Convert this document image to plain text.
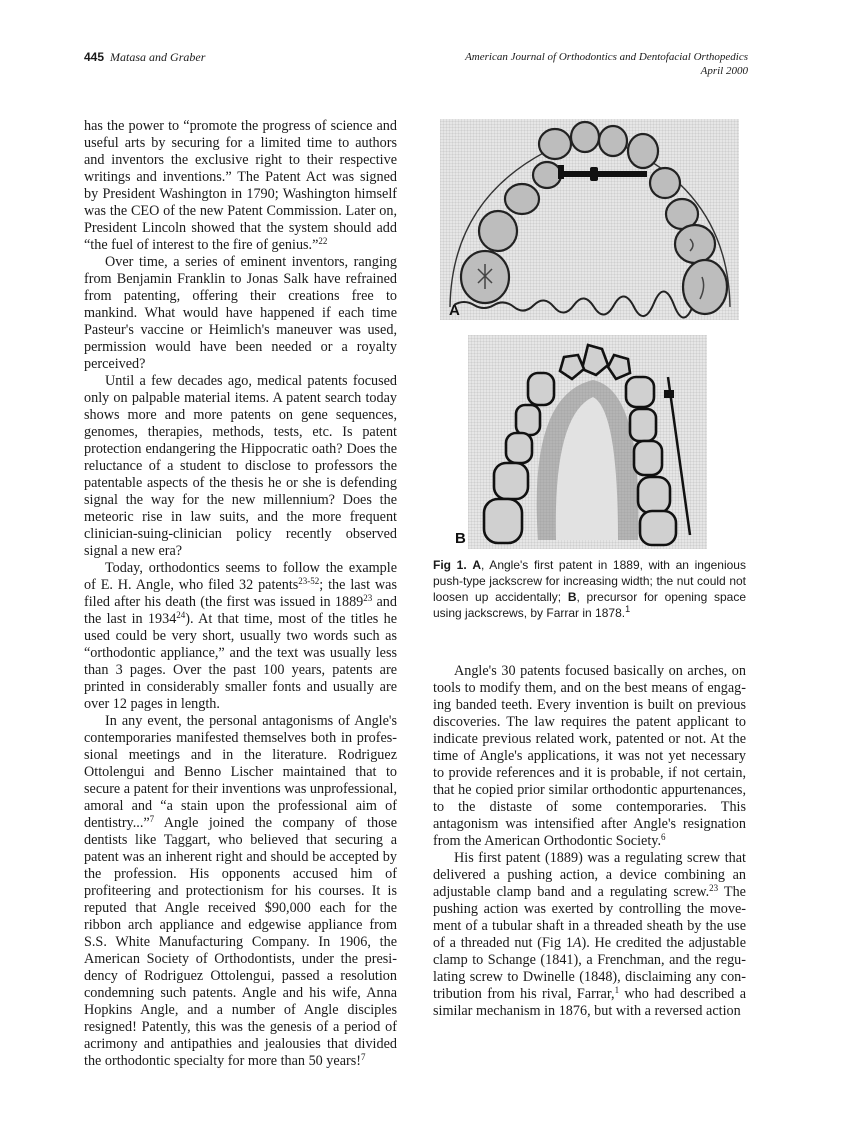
445 Matasa and Graber	American Journal of Orthodontics and Dentofacial Orthopedics
April 2000

has the power to “promote the progress of science and useful arts by securing for a limited time to authors and inventors the exclusive right to their respective writings and inventions.” The Patent Act was signed by President Washington in 1790; Washington himself was the CEO of the new Patent Commission. Later on, President Lincoln showed that the system should add “the fuel of interest to the fire of genius.”$^{22}$

Over time, a series of eminent inventors, ranging from Benjamin Franklin to Jonas Salk have refrained from patenting, offering their creations free to mankind. What would have happened if each time Pasteur's vaccine or Heimlich's maneuver was used, permission would have been needed or a royalty perceived?

Until a few decades ago, medical patents focused only on palpable material items. A patent search today shows more and more patents on gene sequences, genomes, therapies, methods, tests, etc. Is patent protection endangering the Hippocratic oath? Does the reluctance of a student to disclose to professors the patentable aspects of the thesis he or she is defending signal the way for the new millennium? Does the meteoric rise in law suits, and the more frequent clinician-suing-clinician policy recently observed signal a new era?

Today, orthodontics seems to follow the example of E. H. Angle, who filed 32 patents$^{23-52}$; the last was filed after his death (the first was issued in 1889$^{23}$ and the last in 1934$^{24}$). At that time, most of the titles he used could be very short, usually two words such as “orthodontic appliance,” and the text was usually less than 3 pages. Over the past 100 years, patents are printed in considerably smaller fonts and usually are over 12 pages in length.

In any event, the personal antagonisms of Angle's contemporaries manifested themselves both in professional meetings and in the literature. Rodriguez Ottolengui and Benno Lischer maintained that to secure a patent for their inventions was unprofessional, amoral and “a stain upon the professional aim of dentistry...”$^7$ Angle joined the company of those dentists like Taggart, who believed that securing a patent was an inherent right and should be accepted by the profession. His opponents accused him of profiteering and protectionism for his courses. It is reputed that Angle received $90,000 each for the ribbon arch appliance and edgewise appliance from S.S. White Manufacturing Company. In 1906, the American Society of Orthodontists, under the presidency of Rodriguez Ottolengui, passed a resolution condemning such patents. Angle and his wife, Anna Hopkins Angle, and a number of Angle disciples resigned! Patently, this was the genesis of a period of acrimony and antipathies and jealousies that divided the orthodontic specialty for more than 50 years!$^7$

A
B
Fig 1. A, Angle's first patent in 1889, with an ingenious push-type jackscrew for increasing width; the nut could not loosen up accidentally; B, precursor for opening space using jackscrews, by Farrar in 1878.$^1$

Angle's 30 patents focused basically on arches, on tools to modify them, and on the best means of engaging banded teeth. Every invention is built on previous discoveries. The law requires the patent applicant to indicate previous related work, patented or not. At the time of Angle's applications, it was not yet necessary to provide references and it is probable, if not certain, that he copied prior similar orthodontic appurtenances, to the distaste of some contemporaries. This antagonism was intensified after Angle's resignation from the American Orthodontic Society.$^6$

His first patent (1889) was a regulating screw that delivered a pushing action, a device combining an adjustable clamp band and a regulating screw.$^{23}$ The pushing action was exerted by controlling the movement of a tubular shaft in a threaded sheath by the use of a threaded nut (Fig 1A). He credited the adjustable clamp to Schange (1841), a Frenchman, and the regulating screw to Dwinelle (1848), disclaiming any contribution from his rival, Farrar,$^1$ who had described a similar mechanism in 1876, but with a reversed action
